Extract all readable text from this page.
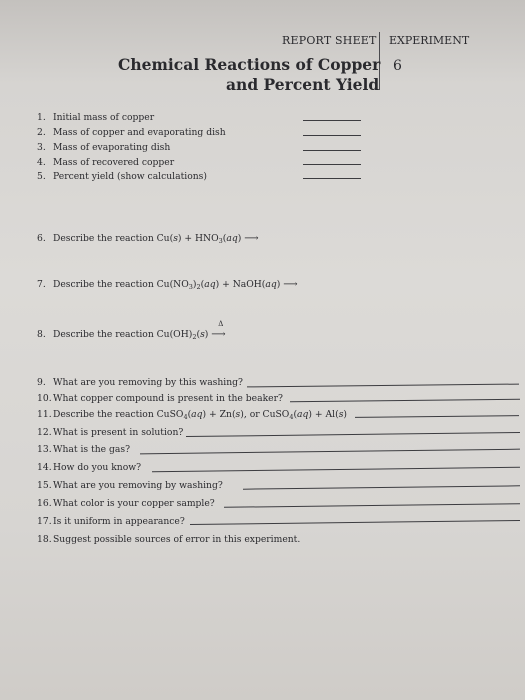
REPORT SHEET EXPERIMENT
6
Chemical Reactions of Copper
and Percent Yield
1. Initial mass of copper
2. Mass of copper and evaporating dish
3. Mass of evaporating dish
4. Mass of recovered copper
5. Percent yield (show calculations)
6. Describe the reaction $Cu(s) + HNO_3(aq)$ ⟶
7. Describe the reaction $Cu(NO_3)_2(aq)$ + NaOH(aq) ⟶
8. Describe the reaction $Cu(OH)_2(s)$
Δ
⟶
9. What are you removing by this washing?
10.What copper compound is present in the beaker?
11.Describe the reaction CuSO$_4$(aq) + Zn(s), or CuSO$_4$(aq) + Al(s)
12.What is present in solution?
13.What is the gas?
14.How do you know?
15.What are you removing by washing?
16.What color is your copper sample?
17.Is it uniform in appearance?
18.Suggest possible sources of error in this experiment.
